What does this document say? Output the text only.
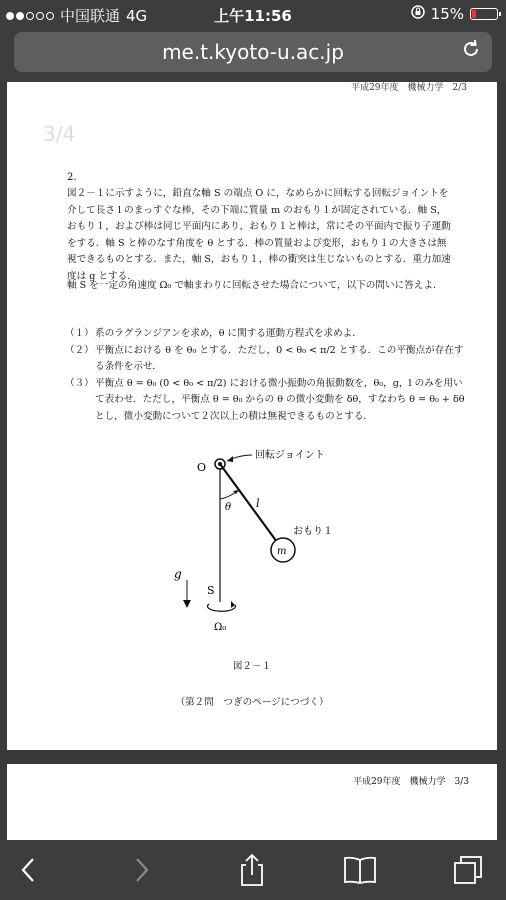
中国联通 4G	上午11:56	15%
me.t.kyoto-u.ac.jp
平成29年度　機械力学　2/3
3/4
2.
図２－１に示すように，鉛直な軸 S の端点 O に，なめらかに回転する回転ジョイントを介して長さ l のまっすぐな棒，その下端に質量 m のおもり１が固定されている．軸 S，おもり１，および棒は同じ平面内にあり，おもり１と棒は，常にその平面内で振り子運動をする．軸 S と棒のなす角度を θ とする．棒の質量および変形，おもり１の大きさは無視できるものとする．また，軸 S，おもり１，棒の衝突は生じないものとする．重力加速度は g とする．
軸 S を一定の角速度 Ω₀ で軸まわりに回転させた場合について，以下の問いに答えよ．
（１） 系のラグランジアンを求め，θ に関する運動方程式を求めよ．
（２） 平衡点における θ を θ₀ とする．ただし，0 < θ₀ < π/2 とする．この平衡点が存在する条件を示せ．
（３） 平衡点 θ = θ₀ (0 < θ₀ < π/2) における微小振動の角振動数を，θ₀，g，l のみを用いて表わせ．ただし，平衡点 θ = θ₀ からの θ の微小変動を δθ，すなわち θ = θ₀ + δθ とし，微小変動について２次以上の積は無視できるものとする．
回転ジョイント
O
θ l
m
おもり１
g
S
Ω₀
図２－１
（第２問　つぎのページにつづく）
平成29年度　機械力学　3/3
